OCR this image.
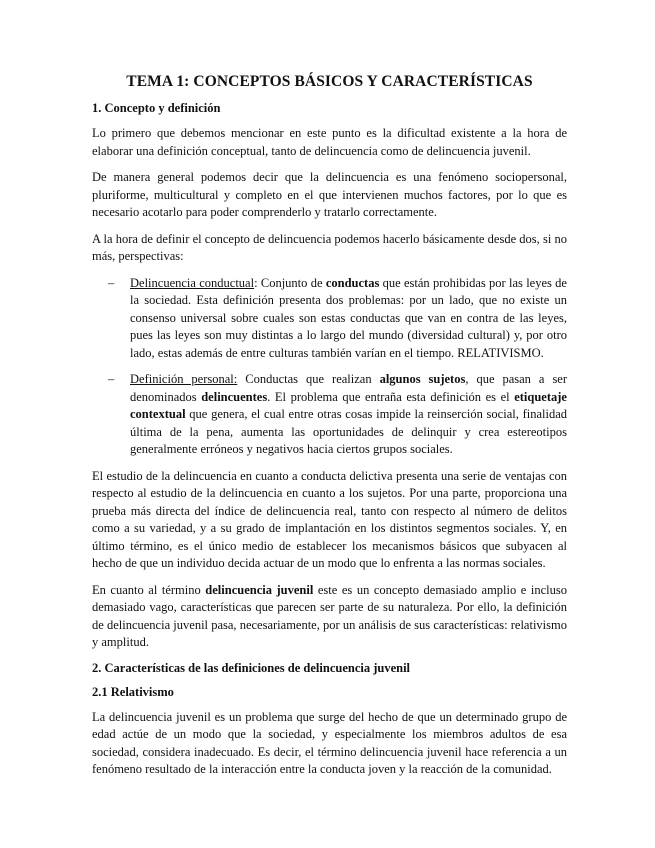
TEMA 1: CONCEPTOS BÁSICOS Y CARACTERÍSTICAS
1. Concepto y definición

Lo primero que debemos mencionar en este punto es la dificultad existente a la hora de elaborar una definición conceptual, tanto de delincuencia como de delincuencia juvenil.

De manera general podemos decir que la delincuencia es una fenómeno sociopersonal, pluriforme, multicultural y completo en el que intervienen muchos factores, por lo que es necesario acotarlo para poder comprenderlo y tratarlo correctamente.

A la hora de definir el concepto de delincuencia podemos hacerlo básicamente desde dos, si no más, perspectivas:

– Delincuencia conductual: Conjunto de conductas que están prohibidas por las leyes de la sociedad. Esta definición presenta dos problemas: por un lado, que no existe un consenso universal sobre cuales son estas conductas que van en contra de las leyes, pues las leyes son muy distintas a lo largo del mundo (diversidad cultural) y, por otro lado, estas además de entre culturas también varían en el tiempo. RELATIVISMO.
– Definición personal: Conductas que realizan algunos sujetos, que pasan a ser denominados delincuentes. El problema que entraña esta definición es el etiquetaje contextual que genera, el cual entre otras cosas impide la reinserción social, finalidad última de la pena, aumenta las oportunidades de delinquir y crea estereotipos generalmente erróneos y negativos hacia ciertos grupos sociales.

El estudio de la delincuencia en cuanto a conducta delictiva presenta una serie de ventajas con respecto al estudio de la delincuencia en cuanto a los sujetos. Por una parte, proporciona una prueba más directa del índice de delincuencia real, tanto con respecto al número de delitos como a su variedad, y a su grado de implantación en los distintos segmentos sociales. Y, en último término, es el único medio de establecer los mecanismos básicos que subyacen al hecho de que un individuo decida actuar de un modo que lo enfrenta a las normas sociales.

En cuanto al término delincuencia juvenil este es un concepto demasiado amplio e incluso demasiado vago, características que parecen ser parte de su naturaleza. Por ello, la definición de delincuencia juvenil pasa, necesariamente, por un análisis de sus características: relativismo y amplitud.

2. Características de las definiciones de delincuencia juvenil
2.1 Relativismo

La delincuencia juvenil es un problema que surge del hecho de que un determinado grupo de edad actúe de un modo que la sociedad, y especialmente los miembros adultos de esa sociedad, considera inadecuado. Es decir, el término delincuencia juvenil hace referencia a un fenómeno resultado de la interacción entre la conducta joven y la reacción de la comunidad.
